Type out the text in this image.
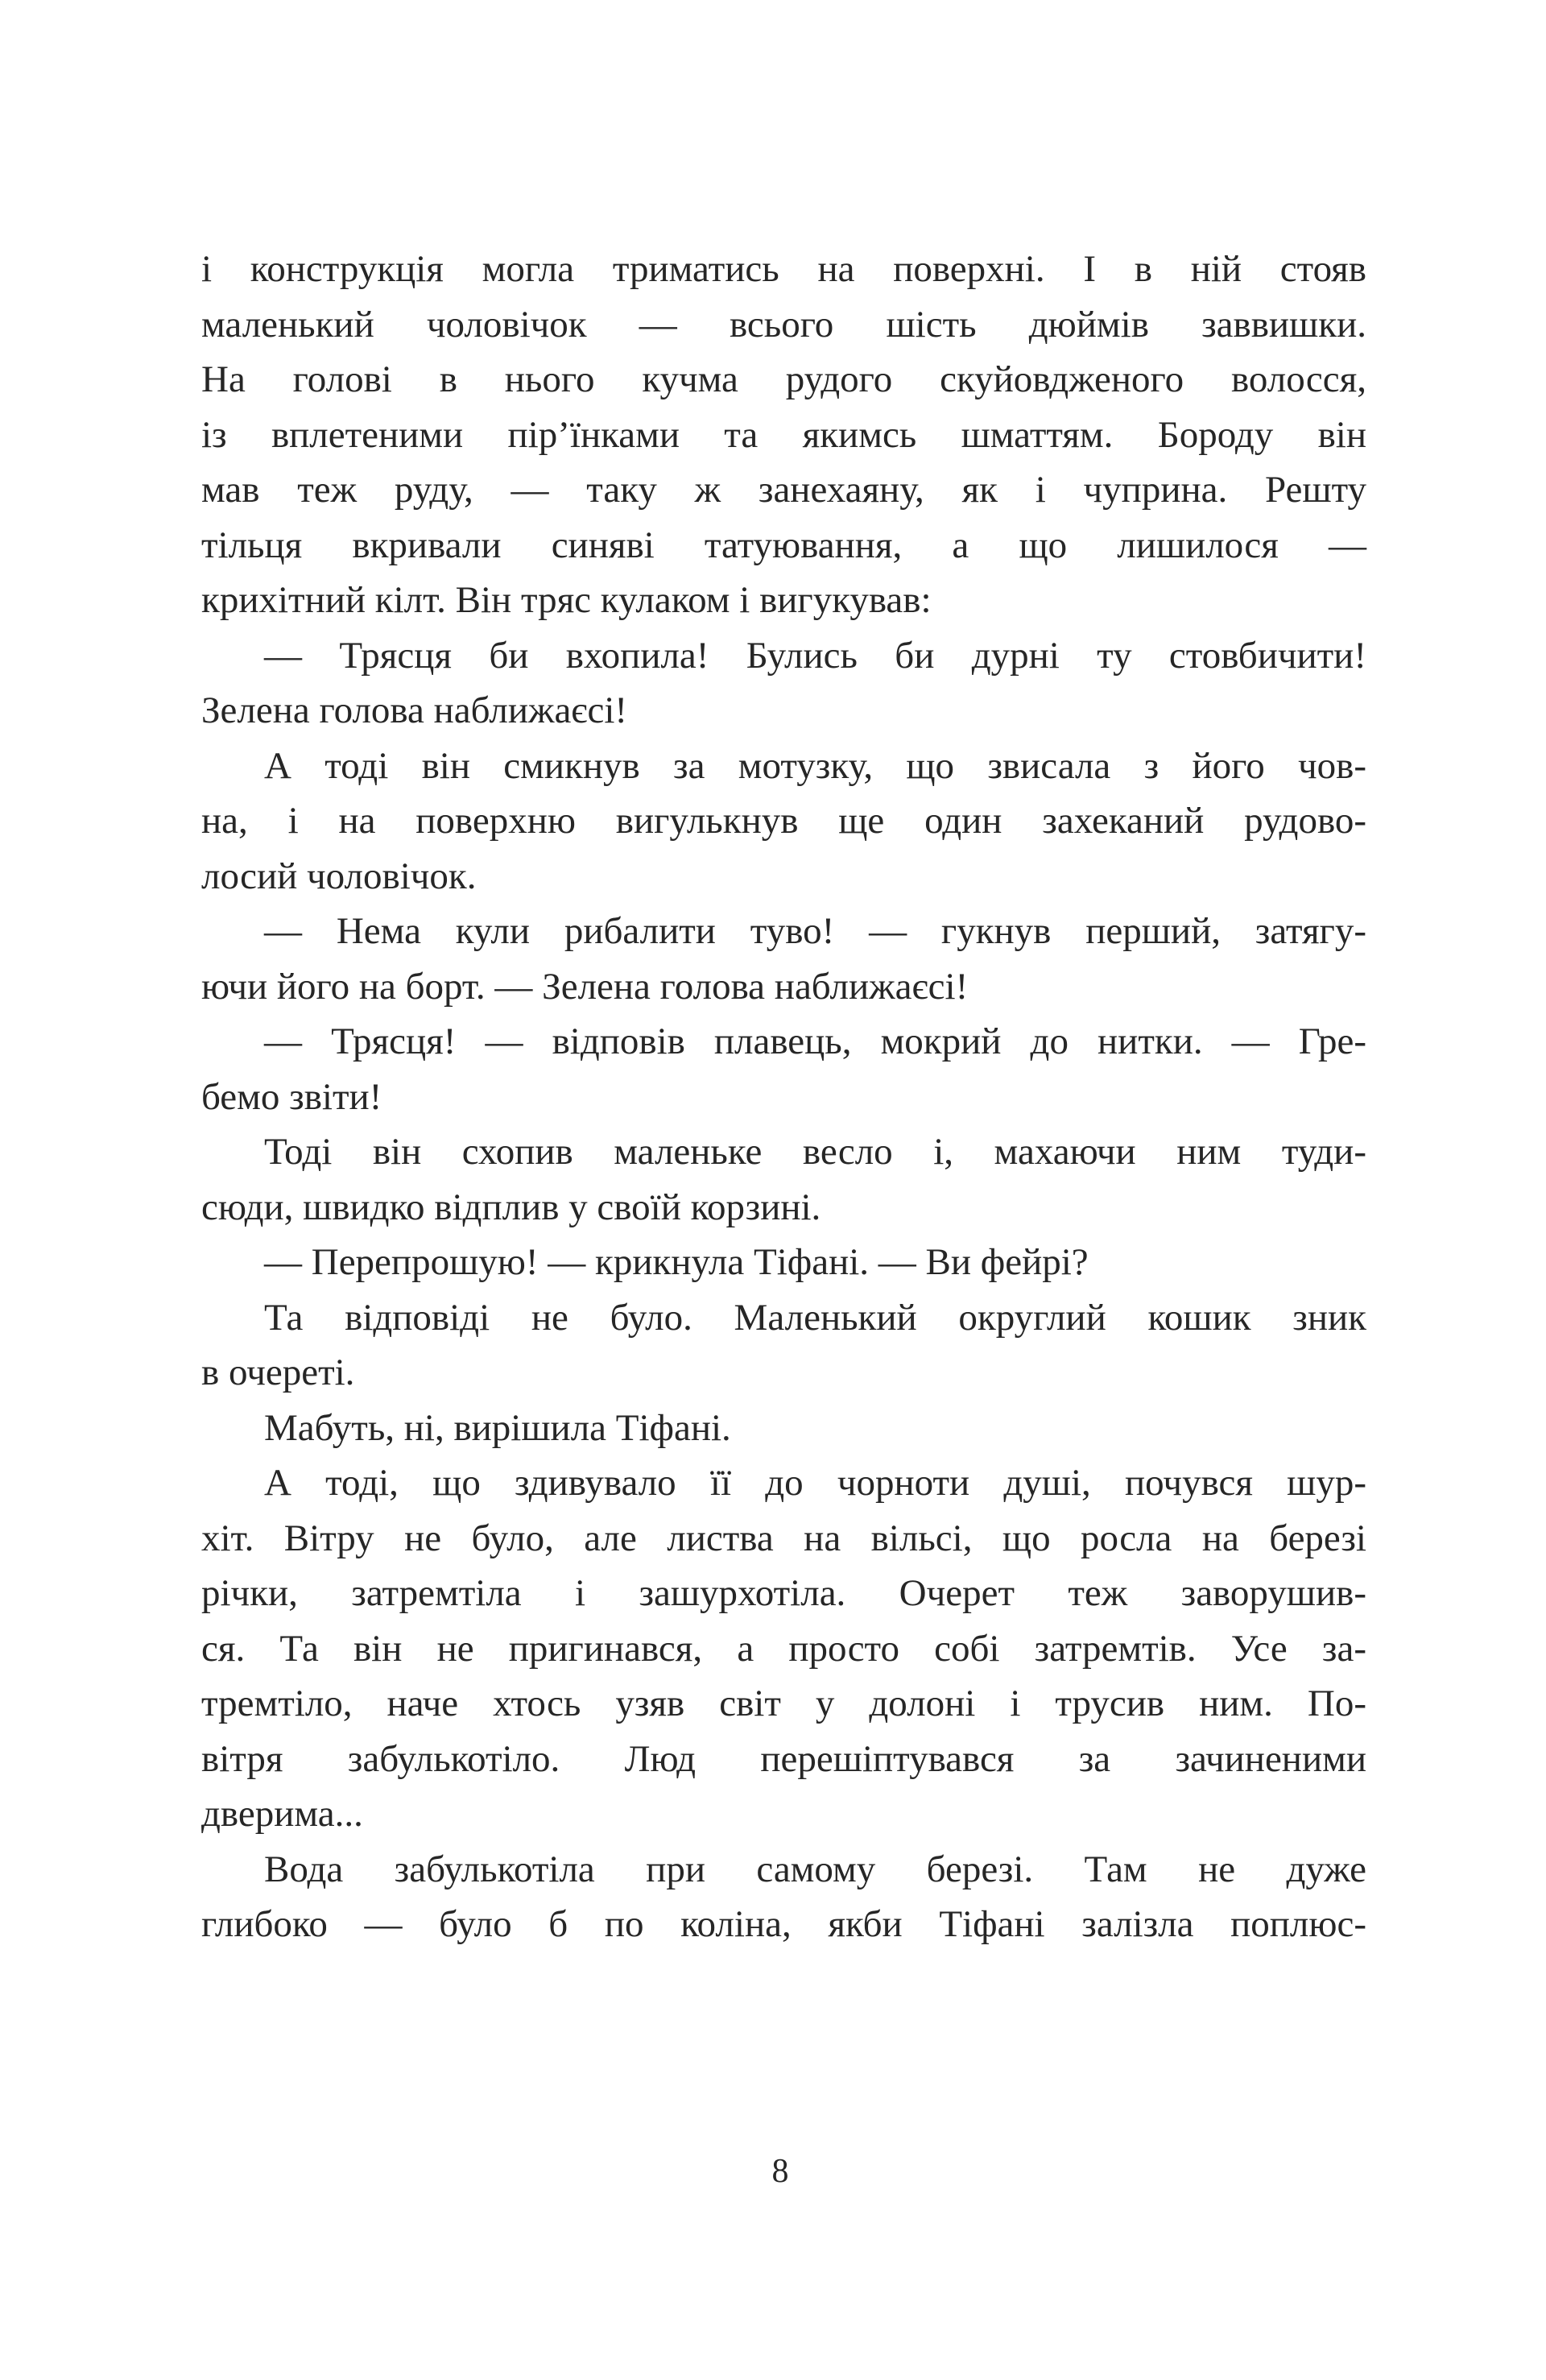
і конструкція могла триматись на поверхні. І в ній стояв
маленький чоловічок — всього шість дюймів заввишки.
На голові в нього кучма рудого скуйовдженого волосся,
із вплетеними пір’їнками та якимсь шматтям. Бороду він
мав теж руду, — таку ж занехаяну, як і чуприна. Решту
тільця вкривали синяві татуювання, а що лишилося —
крихітний кілт. Він тряс кулаком і вигукував:
— Трясця би вхопила! Булись би дурні ту стовбичити!
Зелена голова наближаєсі!
А тоді він смикнув за мотузку, що звисала з його чов-
на, і на поверхню вигулькнув ще один захеканий рудово-
лосий чоловічок.
— Нема кули рибалити туво! — гукнув перший, затягу-
ючи його на борт. — Зелена голова наближаєсі!
— Трясця! — відповів плавець, мокрий до нитки. — Гре-
бемо звіти!
Тоді він схопив маленьке весло і, махаючи ним туди-
сюди, швидко відплив у своїй корзині.
— Перепрошую! — крикнула Тіфані. — Ви фейрі?
Та відповіді не було. Маленький округлий кошик зник
в очереті.
Мабуть, ні, вирішила Тіфані.
А тоді, що здивувало її до чорноти душі, почувся шур-
хіт. Вітру не було, але листва на вільсі, що росла на березі
річки, затремтіла і зашурхотіла. Очерет теж заворушив-
ся. Та він не пригинався, а просто собі затремтів. Усе за-
тремтіло, наче хтось узяв світ у долоні і трусив ним. По-
вітря забулькотіло. Люд перешіптувався за зачиненими
дверима...
Вода забулькотіла при самому березі. Там не дуже
глибоко — було б по коліна, якби Тіфані залізла поплюс-
8
